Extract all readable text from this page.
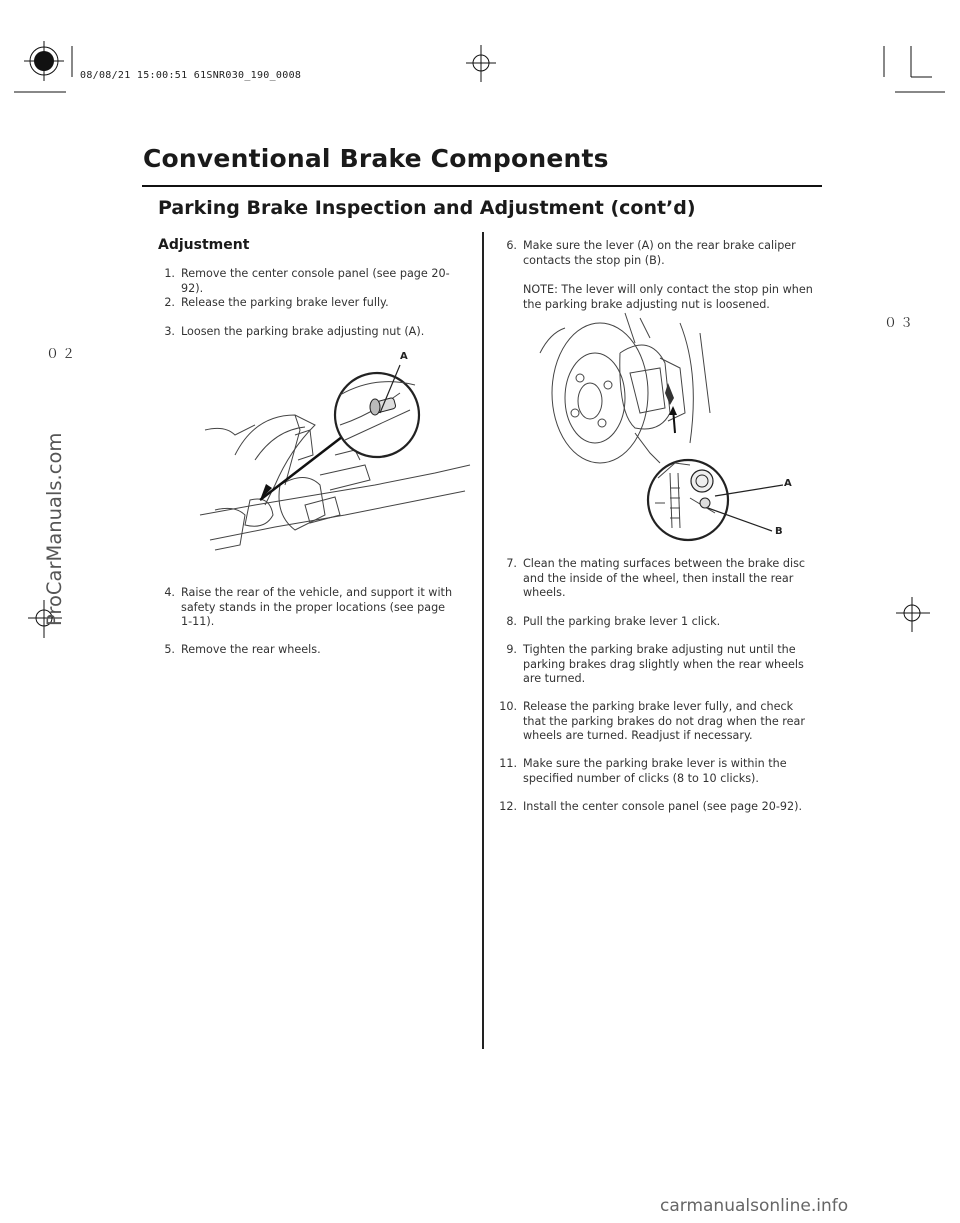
08/08/21 15:00:51 61SNR030_190_0008
０２
０３
Conventional Brake Components
Parking Brake Inspection and Adjustment (cont’d)
Adjustment
1. Remove the center console panel (see page 20-92).
2. Release the parking brake lever fully.
3. Loosen the parking brake adjusting nut (A).
A
4. Raise the rear of the vehicle, and support it with safety stands in the proper locations (see page 1-11).
5. Remove the rear wheels.
6. Make sure the lever (A) on the rear brake caliper contacts the stop pin (B).
NOTE: The lever will only contact the stop pin when the parking brake adjusting nut is loosened.
A
B
7. Clean the mating surfaces between the brake disc and the inside of the wheel, then install the rear wheels.
8. Pull the parking brake lever 1 click.
9. Tighten the parking brake adjusting nut until the parking brakes drag slightly when the rear wheels are turned.
10. Release the parking brake lever fully, and check that the parking brakes do not drag when the rear wheels are turned. Readjust if necessary.
11. Make sure the parking brake lever is within the specified number of clicks (8 to 10 clicks).
12. Install the center console panel (see page 20-92).
ProCarManuals.com
carmanualsonline.info
